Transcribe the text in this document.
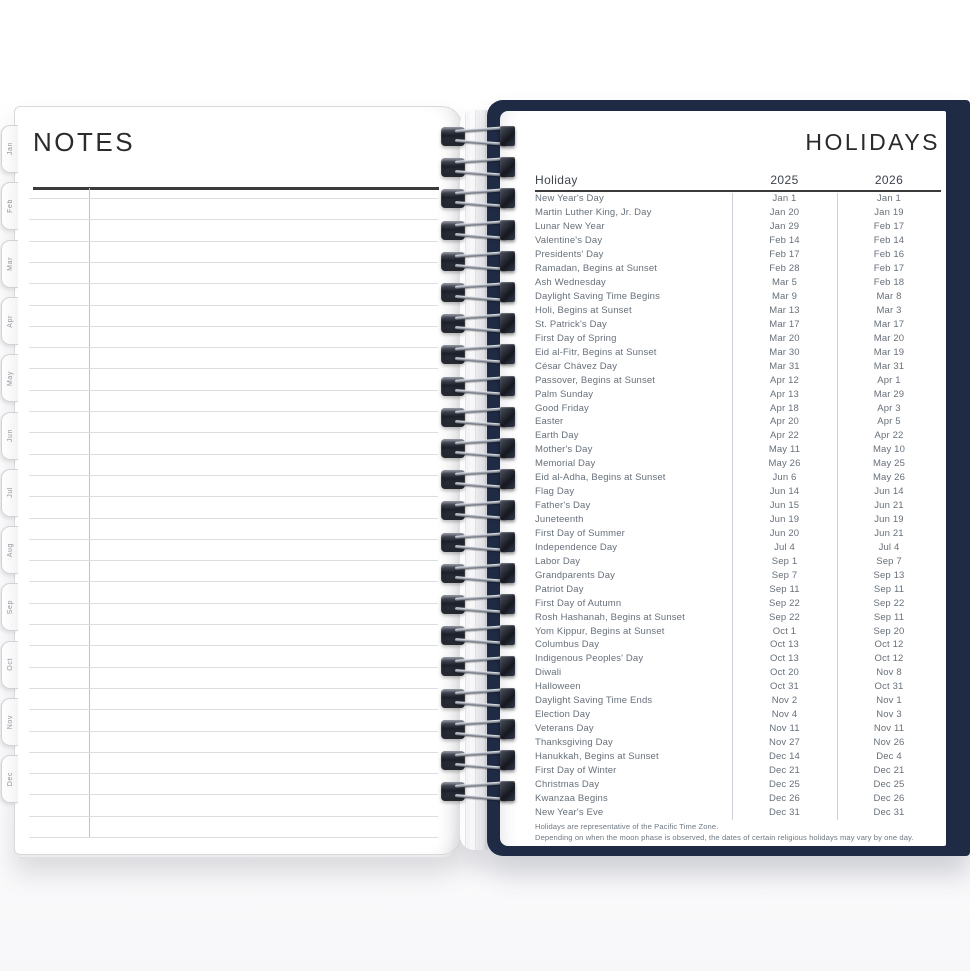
NOTES
Jan
Feb
Mar
Apr
May
Jun
Jul
Aug
Sep
Oct
Nov
Dec
HOLIDAYS
Holiday	2025	2026
New Year's Day	Jan 1	Jan 1
Martin Luther King, Jr. Day	Jan 20	Jan 19
Lunar New Year	Jan 29	Feb 17
Valentine's Day	Feb 14	Feb 14
Presidents' Day	Feb 17	Feb 16
Ramadan, Begins at Sunset	Feb 28	Feb 17
Ash Wednesday	Mar 5	Feb 18
Daylight Saving Time Begins	Mar 9	Mar 8
Holi, Begins at Sunset	Mar 13	Mar 3
St. Patrick's Day	Mar 17	Mar 17
First Day of Spring	Mar 20	Mar 20
Eid al-Fitr, Begins at Sunset	Mar 30	Mar 19
César Chávez Day	Mar 31	Mar 31
Passover, Begins at Sunset	Apr 12	Apr 1
Palm Sunday	Apr 13	Mar 29
Good Friday	Apr 18	Apr 3
Easter	Apr 20	Apr 5
Earth Day	Apr 22	Apr 22
Mother's Day	May 11	May 10
Memorial Day	May 26	May 25
Eid al-Adha, Begins at Sunset	Jun 6	May 26
Flag Day	Jun 14	Jun 14
Father's Day	Jun 15	Jun 21
Juneteenth	Jun 19	Jun 19
First Day of Summer	Jun 20	Jun 21
Independence Day	Jul 4	Jul 4
Labor Day	Sep 1	Sep 7
Grandparents Day	Sep 7	Sep 13
Patriot Day	Sep 11	Sep 11
First Day of Autumn	Sep 22	Sep 22
Rosh Hashanah, Begins at Sunset	Sep 22	Sep 11
Yom Kippur, Begins at Sunset	Oct 1	Sep 20
Columbus Day	Oct 13	Oct 12
Indigenous Peoples' Day	Oct 13	Oct 12
Diwali	Oct 20	Nov 8
Halloween	Oct 31	Oct 31
Daylight Saving Time Ends	Nov 2	Nov 1
Election Day	Nov 4	Nov 3
Veterans Day	Nov 11	Nov 11
Thanksgiving Day	Nov 27	Nov 26
Hanukkah, Begins at Sunset	Dec 14	Dec 4
First Day of Winter	Dec 21	Dec 21
Christmas Day	Dec 25	Dec 25
Kwanzaa Begins	Dec 26	Dec 26
New Year's Eve	Dec 31	Dec 31
Holidays are representative of the Pacific Time Zone.
Depending on when the moon phase is observed, the dates of certain religious holidays may vary by one day.
